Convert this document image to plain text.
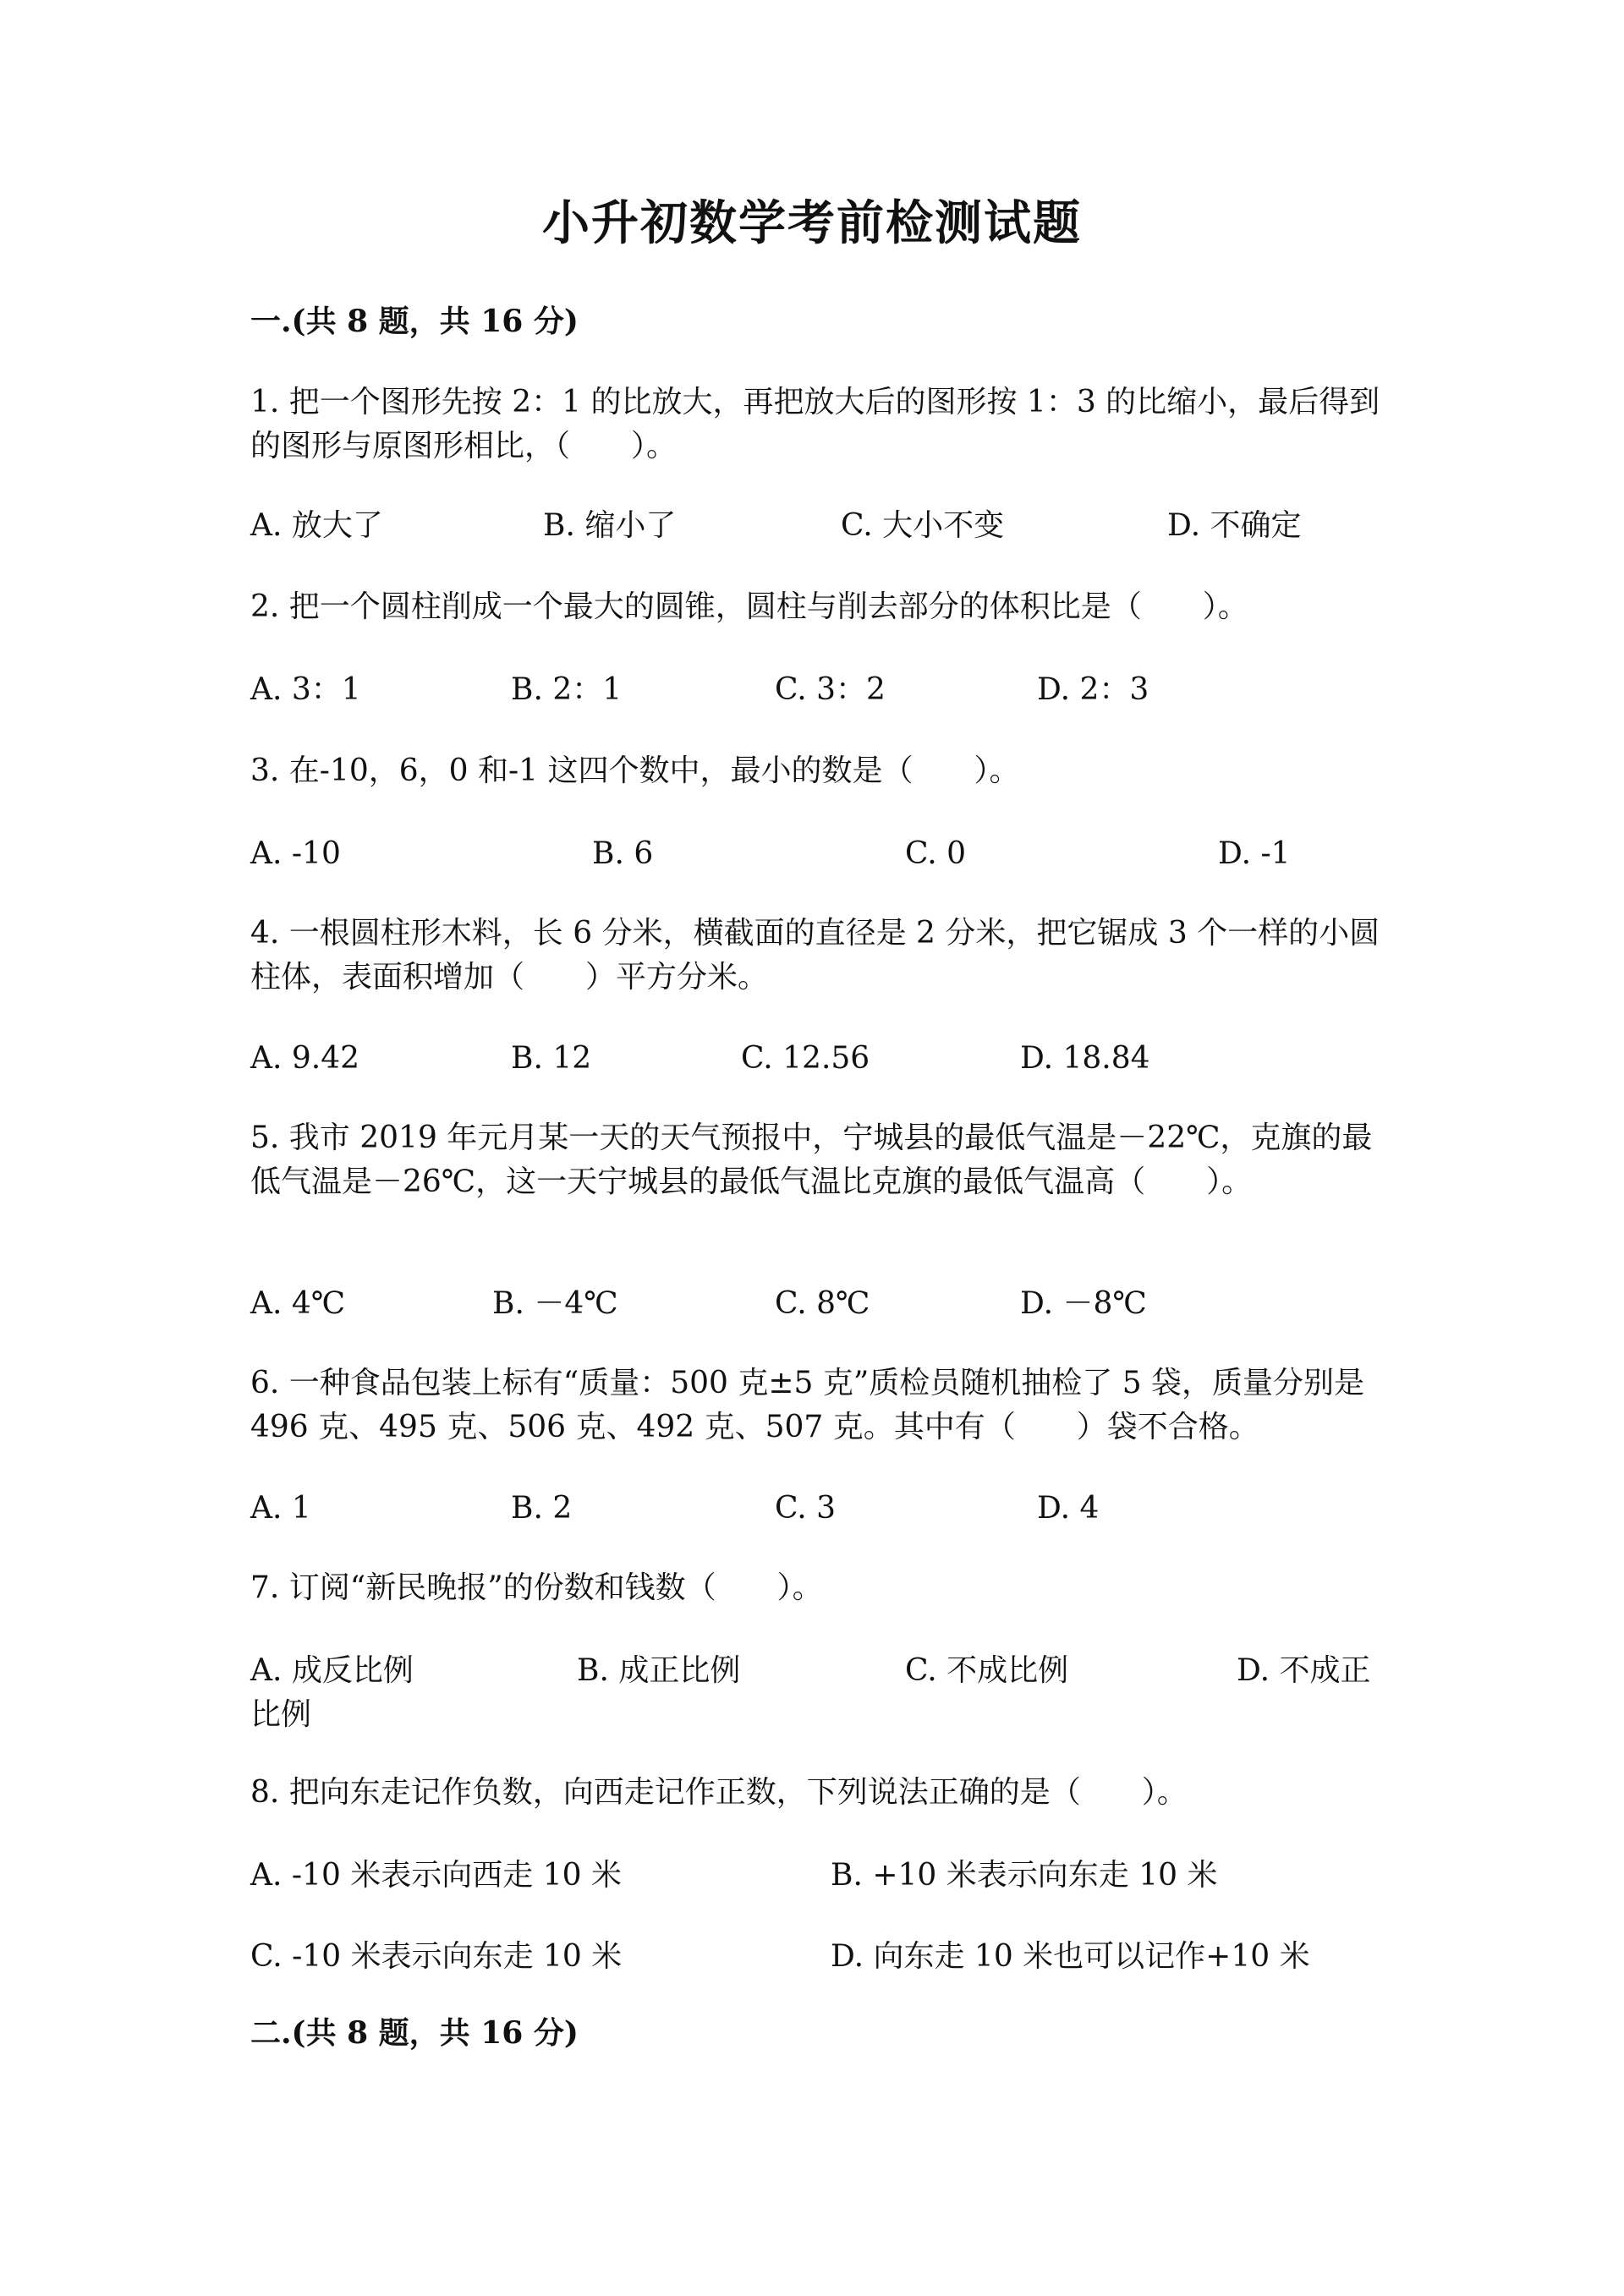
小升初数学考前检测试题
一.(共 8 题，共 16 分)
1. 把一个图形先按 2：1 的比放大，再把放大后的图形按 1：3 的比缩小，最后得到的图形与原图形相比，（　　）。
A. 放大了	B. 缩小了	C. 大小不变	D. 不确定
2. 把一个圆柱削成一个最大的圆锥，圆柱与削去部分的体积比是（　　）。
A. 3：1	B. 2：1	C. 3：2	D. 2：3
3. 在-10，6，0 和-1 这四个数中，最小的数是（　　）。
A. -10	B. 6	C. 0	D. -1
4. 一根圆柱形木料，长 6 分米，横截面的直径是 2 分米，把它锯成 3 个一样的小圆柱体，表面积增加（　　）平方分米。
A. 9.42	B. 12	C. 12.56	D. 18.84
5. 我市 2019 年元月某一天的天气预报中，宁城县的最低气温是－22℃，克旗的最低气温是－26℃，这一天宁城县的最低气温比克旗的最低气温高（　　）。
A. 4℃	B. －4℃	C. 8℃	D. －8℃
6. 一种食品包装上标有“质量：500 克±5 克”质检员随机抽检了 5 袋，质量分别是 496 克、495 克、506 克、492 克、507 克。其中有（　　）袋不合格。
A. 1	B. 2	C. 3	D. 4
7. 订阅“新民晚报”的份数和钱数（　　）。
A. 成反比例	B. 成正比例	C. 不成比例	D. 不成正比例
8. 把向东走记作负数，向西走记作正数，下列说法正确的是（　　）。
A. -10 米表示向西走 10 米	B. +10 米表示向东走 10 米
C. -10 米表示向东走 10 米	D. 向东走 10 米也可以记作+10 米
二.(共 8 题，共 16 分)
